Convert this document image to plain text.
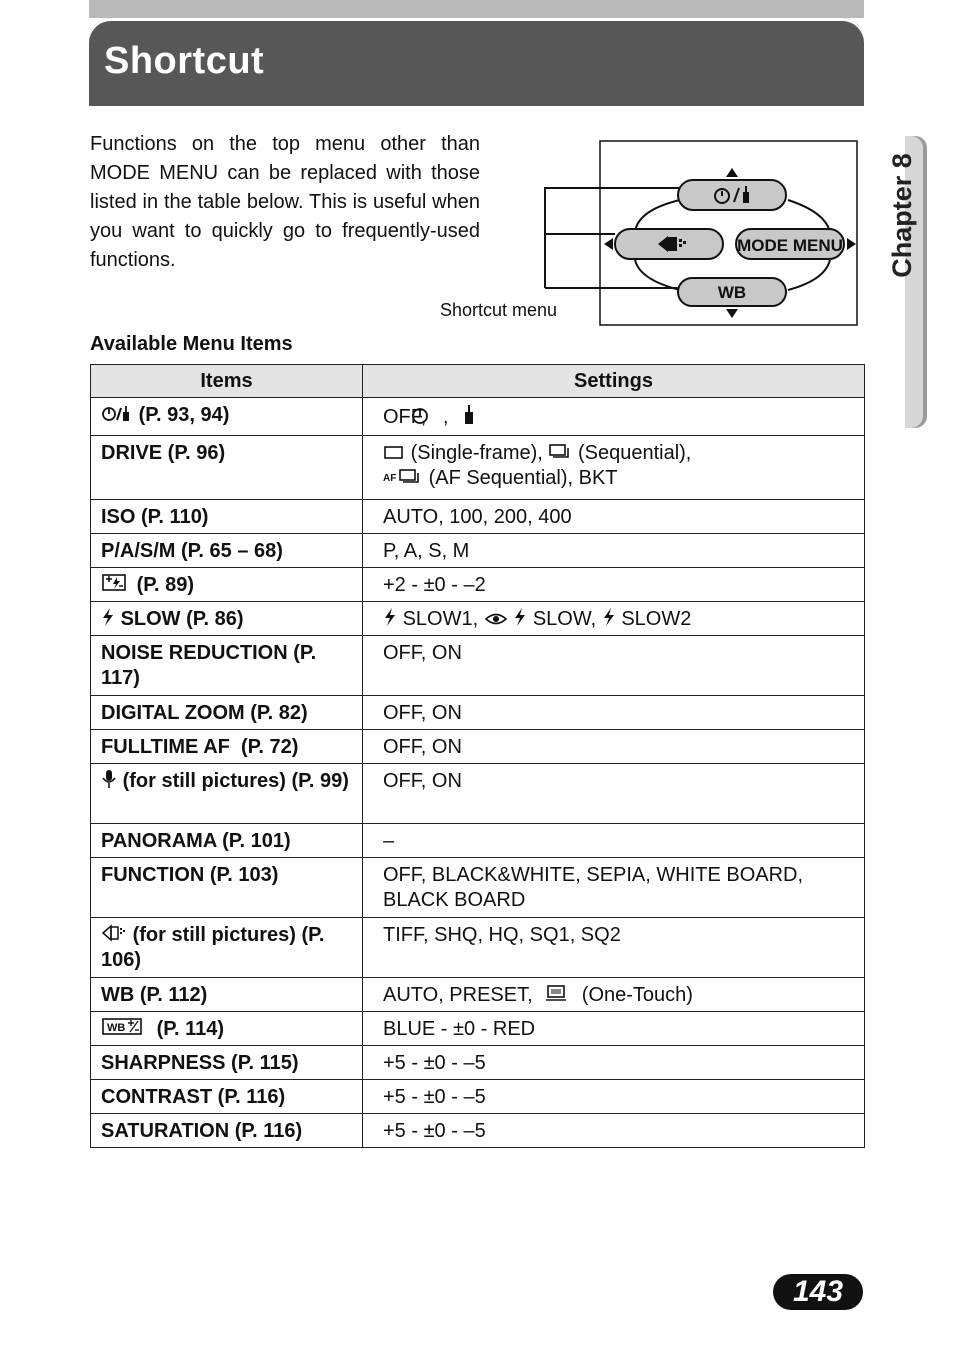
Shortcut
Chapter 8
Functions on the top menu other than MODE MENU can be replaced with those listed in the table below. This is useful when you want to quickly go to frequently-used functions.
MODE MENU
WB
Shortcut menu
Available Menu Items
Items	Settings
(P. 93, 94)	OFF,   ,
DRIVE (P. 96)	(Single-frame), (Sequential),

AF (AF Sequential), BKT
ISO (P. 110)	AUTO, 100, 200, 400
P/A/S/M (P. 65 – 68)	P, A, S, M
(P. 89)	+2 - ±0 - –2
SLOW (P. 86)	SLOW1, SLOW, SLOW2
NOISE REDUCTION (P. 117)	OFF, ON
DIGITAL ZOOM (P. 82)	OFF, ON
FULLTIME AF  (P. 72)	OFF, ON
(for still pictures) (P. 99)	OFF, ON
PANORAMA (P. 101)	–
FUNCTION (P. 103)	OFF, BLACK&WHITE, SEPIA, WHITE BOARD, BLACK BOARD
(for still pictures) (P. 106)	TIFF, SHQ, HQ, SQ1, SQ2
WB (P. 112)	AUTO, PRESET, (One-Touch)

WB (P. 114)	BLUE - ±0 - RED
SHARPNESS (P. 115)	+5 - ±0 - –5
CONTRAST (P. 116)	+5 - ±0 - –5
SATURATION (P. 116)	+5 - ±0 - –5
143
